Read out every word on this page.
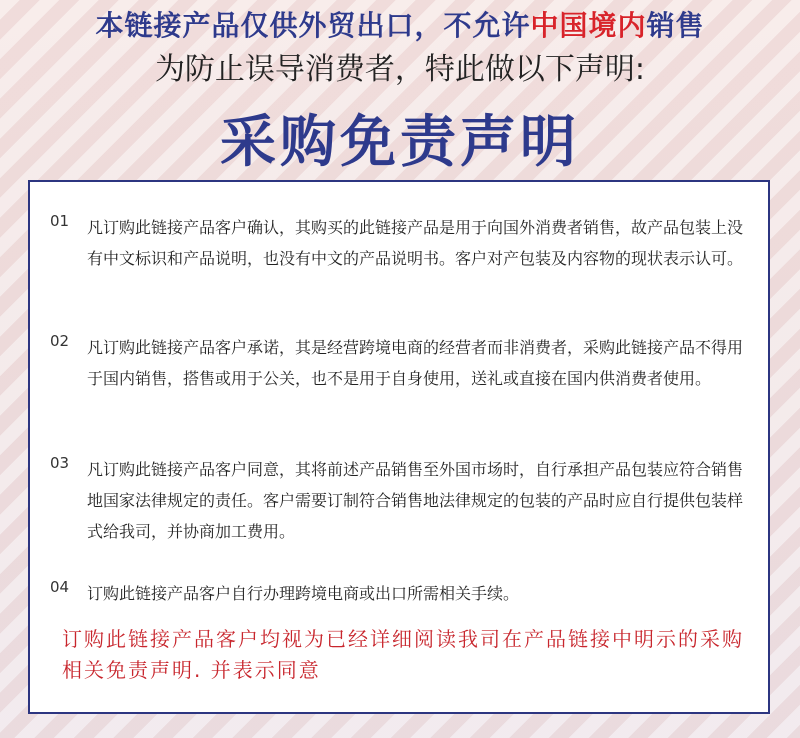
本链接产品仅供外贸出口，不允许中国境内销售
为防止误导消费者，特此做以下声明:
采购免责声明
01 凡订购此链接产品客户确认，其购买的此链接产品是用于向国外消费者销售，故产品包装上没有中文标识和产品说明，也没有中文的产品说明书。客户对产包装及内容物的现状表示认可。
02 凡订购此链接产品客户承诺，其是经营跨境电商的经营者而非消费者，采购此链接产品不得用于国内销售，搭售或用于公关，也不是用于自身使用，送礼或直接在国内供消费者使用。
03 凡订购此链接产品客户同意，其将前述产品销售至外国市场时，自行承担产品包装应符合销售地国家法律规定的责任。客户需要订制符合销售地法律规定的包装的产品时应自行提供包装样式给我司，并协商加工费用。
04 订购此链接产品客户自行办理跨境电商或出口所需相关手续。
订购此链接产品客户均视为已经详细阅读我司在产品链接中明示的采购相关免责声明. 并表示同意
